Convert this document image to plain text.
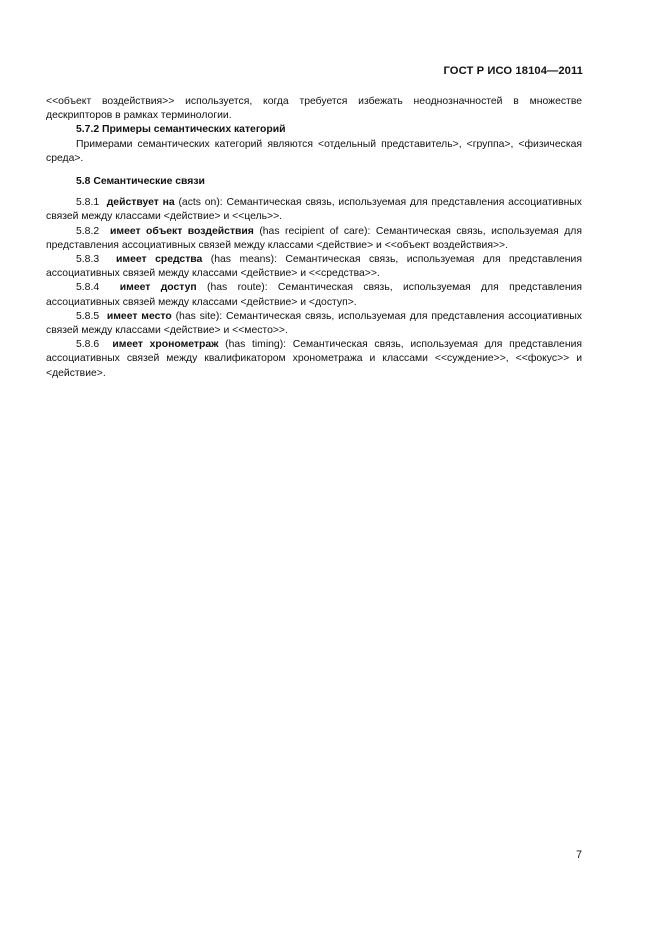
ГОСТ Р ИСО 18104—2011

<<объект воздействия>> используется, когда требуется избежать неоднозначностей в множестве дескрипторов в рамках терминологии.

5.7.2 Примеры семантических категорий

Примерами семантических категорий являются <отдельный представитель>, <группа>, <физическая среда>.

5.8 Семантические связи

5.8.1 действует на (acts on): Семантическая связь, используемая для представления ассоциативных связей между классами <действие> и <<цель>>.

5.8.2 имеет объект воздействия (has recipient of care): Семантическая связь, используемая для представления ассоциативных связей между классами <действие> и <<объект воздействия>>.

5.8.3 имеет средства (has means): Семантическая связь, используемая для представления ассоциативных связей между классами <действие> и <<средства>>.

5.8.4 имеет доступ (has route): Семантическая связь, используемая для представления ассоциативных связей между классами <действие> и <доступ>.

5.8.5 имеет место (has site): Семантическая связь, используемая для представления ассоциативных связей между классами <действие> и <<место>>.

5.8.6 имеет хронометраж (has timing): Семантическая связь, используемая для представления ассоциативных связей между квалификатором хронометража и классами <<суждение>>, <<фокус>> и <действие>.

7
